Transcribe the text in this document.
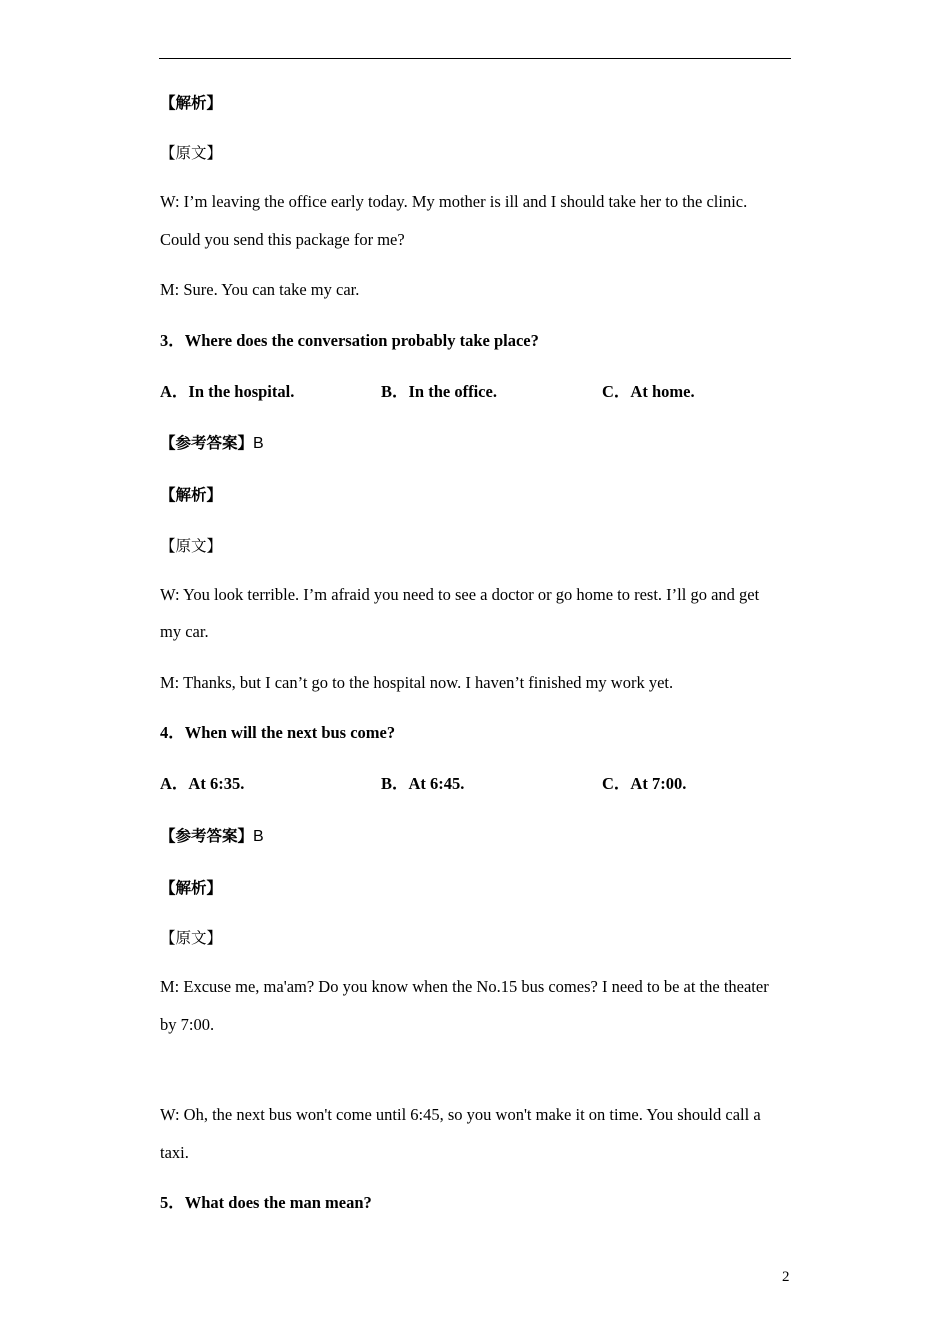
【解析】
【原文】
W: I’m leaving the office early today. My mother is ill and I should take her to the clinic.
Could you send this package for me?
M: Sure. You can take my car.
3．Where does the conversation probably take place?
A．In the hospital.	B．In the office.	C．At home.
【参考答案】B
【解析】
【原文】
W: You look terrible. I’m afraid you need to see a doctor or go home to rest. I’ll go and get
my car.
M: Thanks, but I can’t go to the hospital now. I haven’t finished my work yet.
4．When will the next bus come?
A．At 6:35.	B．At 6:45.	C．At 7:00.
【参考答案】B
【解析】
【原文】
M: Excuse me, ma'am? Do you know when the No.15 bus comes? I need to be at the theater
by 7:00.
W: Oh, the next bus won't come until 6:45, so you won't make it on time. You should call a
taxi.
5．What does the man mean?
2
